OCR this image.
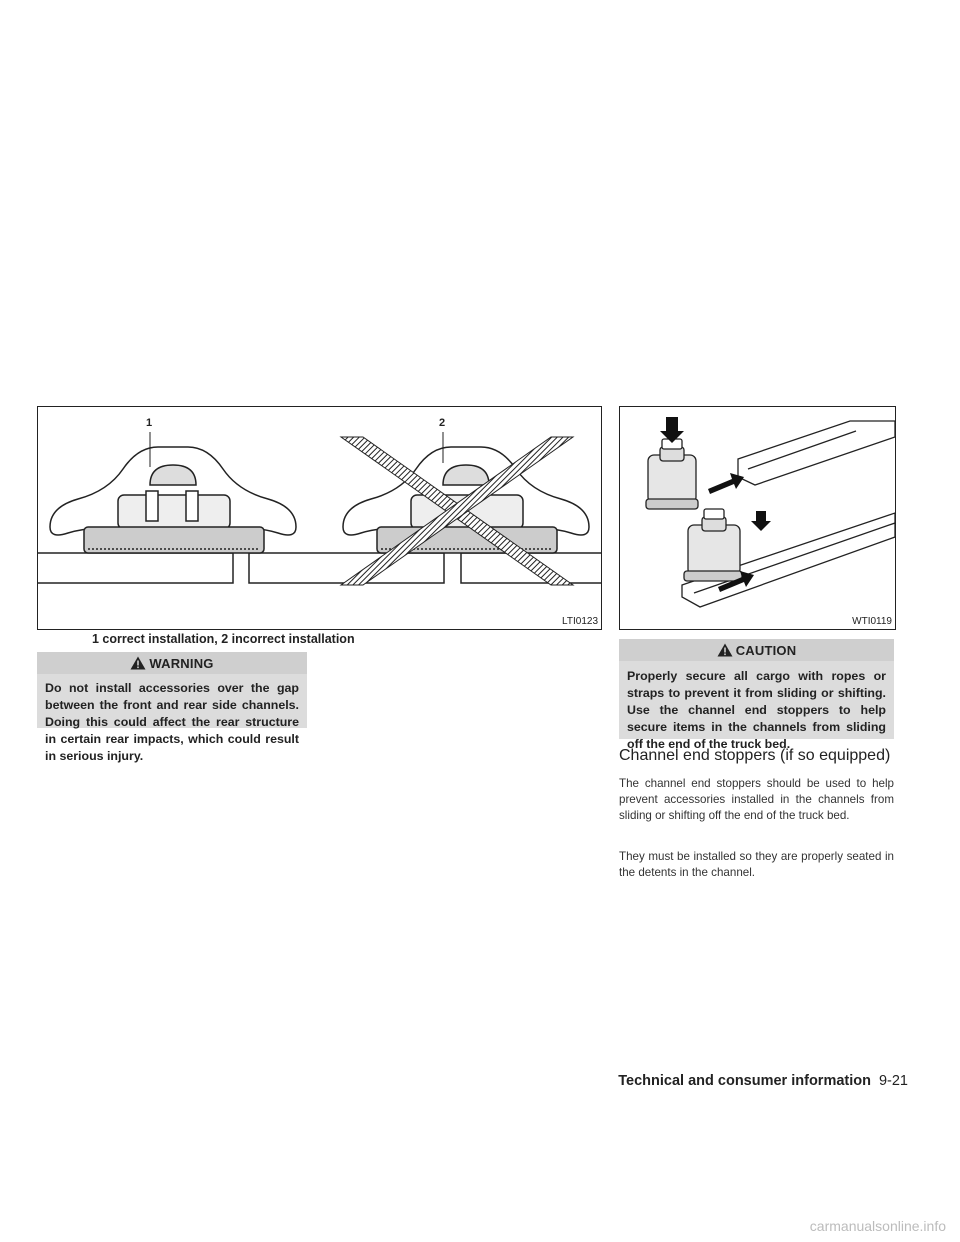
1	2
LTI0123
1 correct installation, 2 incorrect installation
WTI0119
WARNING
Do not install accessories over the gap between the front and rear side channels. Doing this could affect the rear structure in certain rear impacts, which could result in serious injury.
CAUTION
Properly secure all cargo with ropes or straps to prevent it from sliding or shifting. Use the channel end stoppers to help secure items in the channels from sliding off the end of the truck bed.
Channel end stoppers (if so equipped)
The channel end stoppers should be used to help prevent accessories installed in the channels from sliding or shifting off the end of the truck bed.
They must be installed so they are properly seated in the detents in the channel.
Technical and consumer information 9-21
carmanualsonline.info
